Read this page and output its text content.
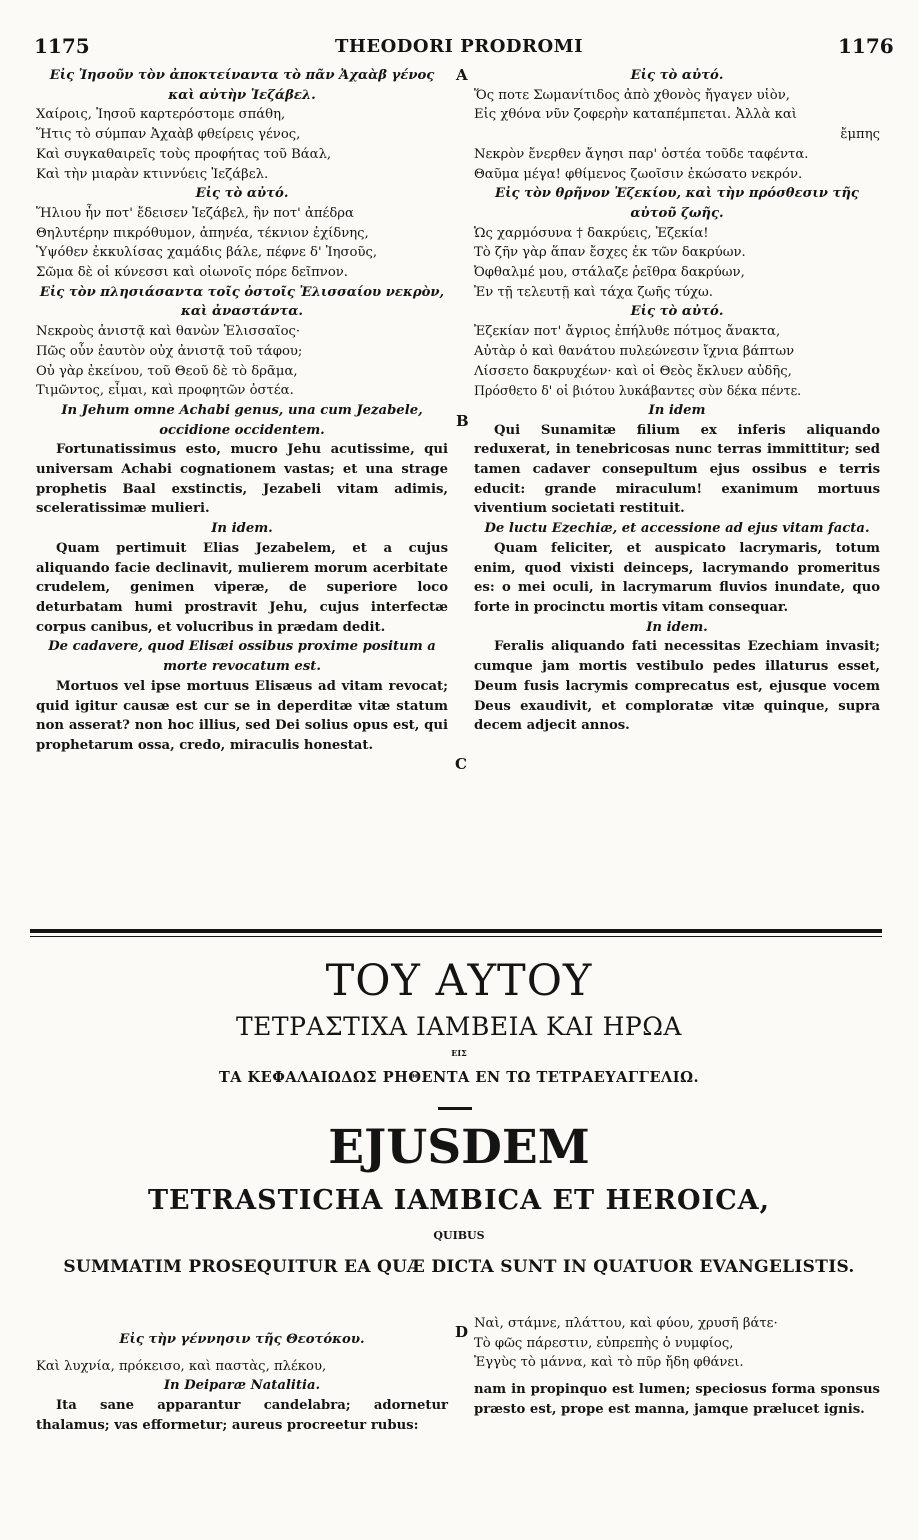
1175	THEODORI PRODROMI	1176
A
B
C
D

Εἰς Ἰησοῦν τὸν ἀποκτείναντα τὸ πᾶν Ἀχαὰβ γένος καὶ αὐτὴν Ἰεζάβελ.

Χαίροις, Ἰησοῦ καρτερόστομε σπάθη,

Ἥτις τὸ σύμπαν Ἀχαὰβ φθείρεις γένος,

Καὶ συγκαθαιρεῖς τοὺς προφήτας τοῦ Βάαλ,

Καὶ τὴν μιαρὰν κτιννύεις Ἰεζάβελ.

Εἰς τὸ αὐτό.

Ἥλιου ἦν ποτ' ἔδεισεν Ἰεζάβελ, ἣν ποτ' ἀπέδρα

Θηλυτέρην πικρόθυμον, ἀπηνέα, τέκνιον ἐχίδνης,

Ὑψόθεν ἐκκυλίσας χαμάδις βάλε, πέφνε δ' Ἰησοῦς,

Σῶμα δὲ οἱ κύνεσσι καὶ οἰωνοῖς πόρε δεῖπνον.

Εἰς τὸν πλησιάσαντα τοῖς ὀστοῖς Ἐλισσαίου νεκρὸν, καὶ ἀναστάντα.

Νεκροὺς ἀνιστᾷ καὶ θανὼν Ἐλισσαῖος·

Πῶς οὖν ἑαυτὸν οὐχ ἀνιστᾷ τοῦ τάφου;

Οὐ γὰρ ἐκείνου, τοῦ Θεοῦ δὲ τὸ δρᾶμα,

Τιμῶντος, εἶμαι, καὶ προφητῶν ὀστέα.

In Jehum omne Achabi genus, una cum Jezabele, occidione occidentem.

Fortunatissimus esto, mucro Jehu acutissime, qui universam Achabi cognationem vastas; et una strage prophetis Baal exstinctis, Jezabeli vitam adimis, sceleratissimæ mulieri.

In idem.

Quam pertimuit Elias Jezabelem, et a cujus aliquando facie declinavit, mulierem morum acerbitate crudelem, genimen viperæ, de superiore loco deturbatam humi prostravit Jehu, cujus interfectæ corpus canibus, et volucribus in prædam dedit.

De cadavere, quod Elisæi ossibus proxime positum a morte revocatum est.

Mortuos vel ipse mortuus Elisæus ad vitam revocat; quid igitur causæ est cur se in deperditæ vitæ statum non asserat? non hoc illius, sed Dei solius opus est, qui prophetarum ossa, credo, miraculis honestat.

Εἰς τὸ αὐτό.

Ὅς ποτε Σωμανίτιδος ἀπὸ χθονὸς ἤγαγεν υἱὸν,

Εἰς χθόνα νῦν ζοφερὴν καταπέμπεται. Ἀλλὰ καὶ

ἔμπης

Νεκρὸν ἔνερθεν ἄγησι παρ' ὀστέα τοῦδε ταφέντα.

Θαῦμα μέγα! φθίμενος ζωοῖσιν ἐκώσατο νεκρόν.

Εἰς τὸν θρῆνον Ἐζεκίου, καὶ τὴν πρόσθεσιν τῆς αὐτοῦ ζωῆς.

Ὡς χαρμόσυνα † δακρύεις, Ἐζεκία!

Τὸ ζῆν γὰρ ἅπαν ἔσχες ἐκ τῶν δακρύων.

Ὀφθαλμέ μου, στάλαζε ῥεῖθρα δακρύων,

Ἐν τῇ τελευτῇ καὶ τάχα ζωῆς τύχω.

Εἰς τὸ αὐτό.

Ἐζεκίαν ποτ' ἄγριος ἐπήλυθε πότμος ἄνακτα,

Αὐτὰρ ὁ καὶ θανάτου πυλεώνεσιν ἴχνια βάπτων

Λίσσετο δακρυχέων· καὶ οἱ Θεὸς ἔκλυεν αὐδῆς,

Πρόσθετο δ' οἱ βιότου λυκάβαντες σὺν δέκα πέντε.

In idem

Qui Sunamitæ filium ex inferis aliquando reduxerat, in tenebricosas nunc terras immittitur; sed tamen cadaver consepultum ejus ossibus e terris educit: grande miraculum! exanimum mortuus viventium societati restituit.

De luctu Ezechiæ, et accessione ad ejus vitam facta.

Quam feliciter, et auspicato lacrymaris, totum enim, quod vixisti deinceps, lacrymando promeritus es: o mei oculi, in lacrymarum fluvios inundate, quo forte in procinctu mortis vitam consequar.

In idem.

Feralis aliquando fati necessitas Ezechiam invasit; cumque jam mortis vestibulo pedes illaturus esset, Deum fusis lacrymis comprecatus est, ejusque vocem Deus exaudivit, et comploratæ vitæ quinque, supra decem adjecit annos.

ΤΟΥ ΑΥΤΟΥ
ΤΕΤΡΑΣΤΙΧΑ ΙΑΜΒΕΙΑ ΚΑΙ ΗΡΩΑ
ΕΙΣ
ΤΑ ΚΕΦΑΛΑΙΩΔΩΣ ΡΗΘΕΝΤΑ ΕΝ ΤΩ ΤΕΤΡΑΕΥΑΓΓΕΛΙΩ.
EJUSDEM
TETRASTICHA IAMBICA ET HEROICA,
QUIBUS
SUMMATIM PROSEQUITUR EA QUÆ DICTA SUNT IN QUATUOR EVANGELISTIS.

Εἰς τὴν γέννησιν τῆς Θεοτόκου.

Καὶ λυχνία, πρόκεισο, καὶ παστὰς, πλέκου,

In Deiparæ Natalitia.

Ita sane apparantur candelabra; adornetur thalamus; vas efformetur; aureus procreetur rubus:

Ναὶ, στάμνε, πλάττου, καὶ φύου, χρυσῆ βάτε·

Τὸ φῶς πάρεστιν, εὐπρεπὴς ὁ νυμφίος,

Ἐγγὺς τὸ μάννα, καὶ τὸ πῦρ ἤδη φθάνει.

nam in propinquo est lumen; speciosus forma sponsus præsto est, prope est manna, jamque prælucet ignis.
